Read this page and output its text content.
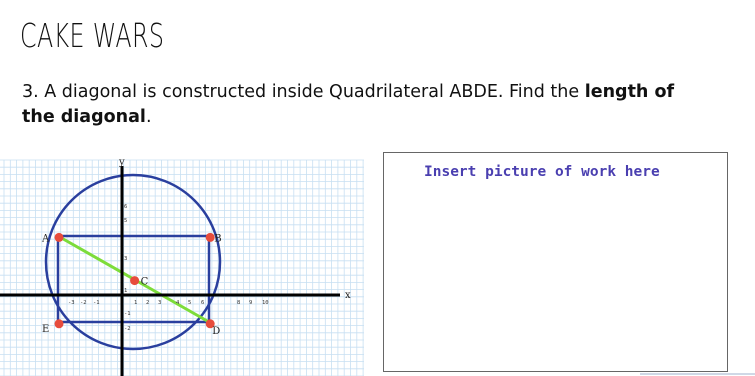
CAKE WARS
3. A diagonal is constructed inside Quadrilateral ABDE. Find the length of
the diagonal.
x
y
-3 -2 -1	1 2 3	4 5 6	8 9 10
1
3
5
6
-1
-2
A	B
C
D
E
Insert picture of work here
